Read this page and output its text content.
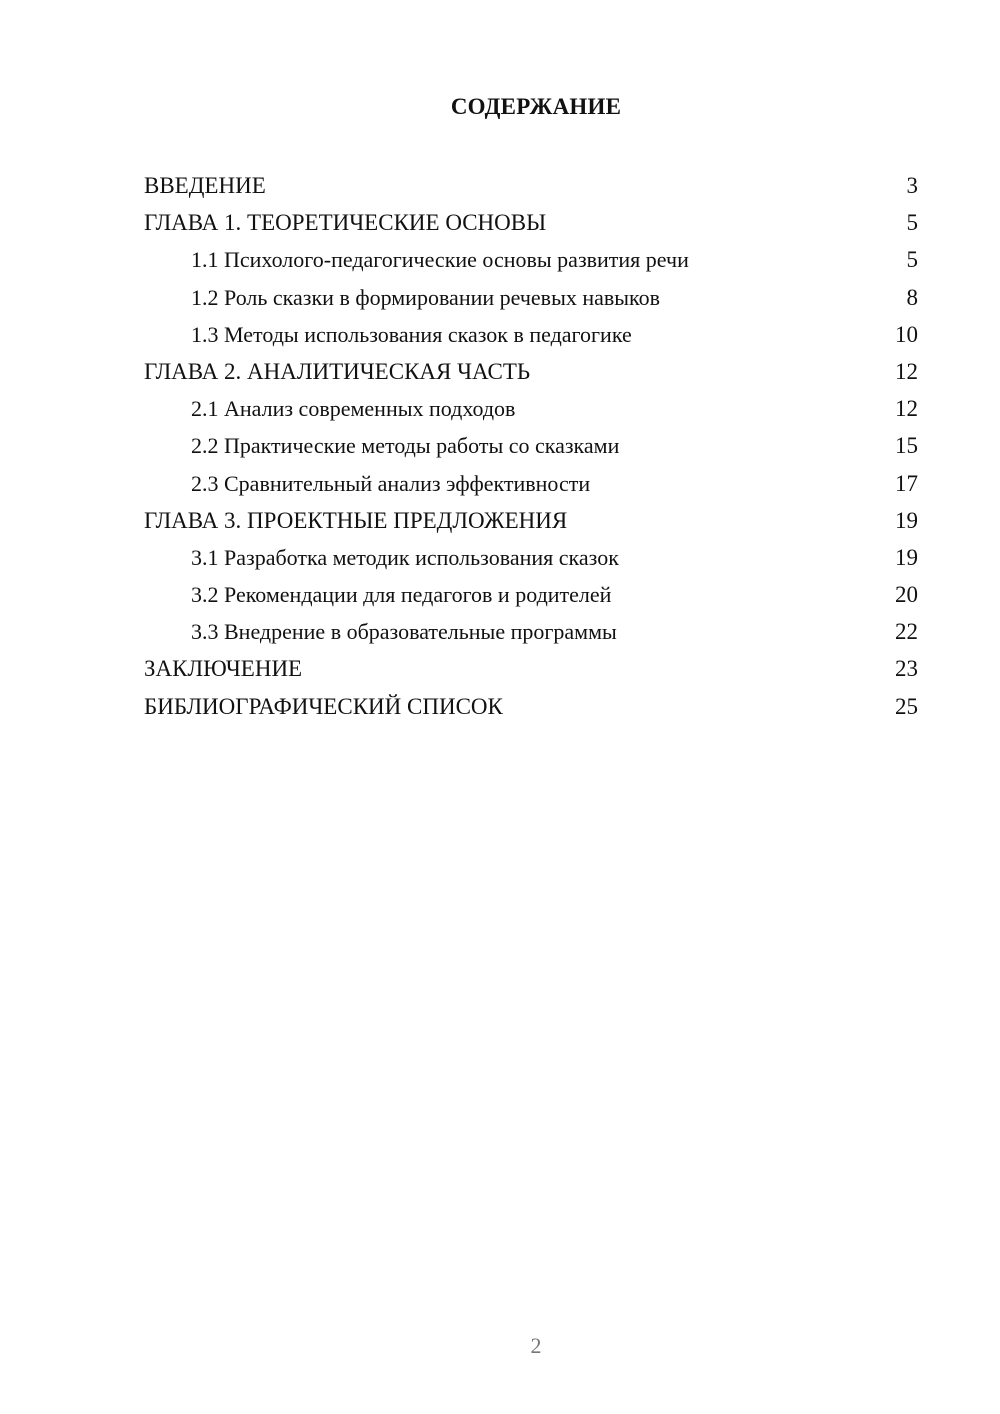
СОДЕРЖАНИЕ
ВВЕДЕНИЕ	3
ГЛАВА 1. ТЕОРЕТИЧЕСКИЕ ОСНОВЫ	5
1.1 Психолого-педагогические основы развития речи	5
1.2 Роль сказки в формировании речевых навыков	8
1.3 Методы использования сказок в педагогике	10
ГЛАВА 2. АНАЛИТИЧЕСКАЯ ЧАСТЬ	12
2.1 Анализ современных подходов	12
2.2 Практические методы работы со сказками	15
2.3 Сравнительный анализ эффективности	17
ГЛАВА 3. ПРОЕКТНЫЕ ПРЕДЛОЖЕНИЯ	19
3.1 Разработка методик использования сказок	19
3.2 Рекомендации для педагогов и родителей	20
3.3 Внедрение в образовательные программы	22
ЗАКЛЮЧЕНИЕ	23
БИБЛИОГРАФИЧЕСКИЙ СПИСОК	25
2
